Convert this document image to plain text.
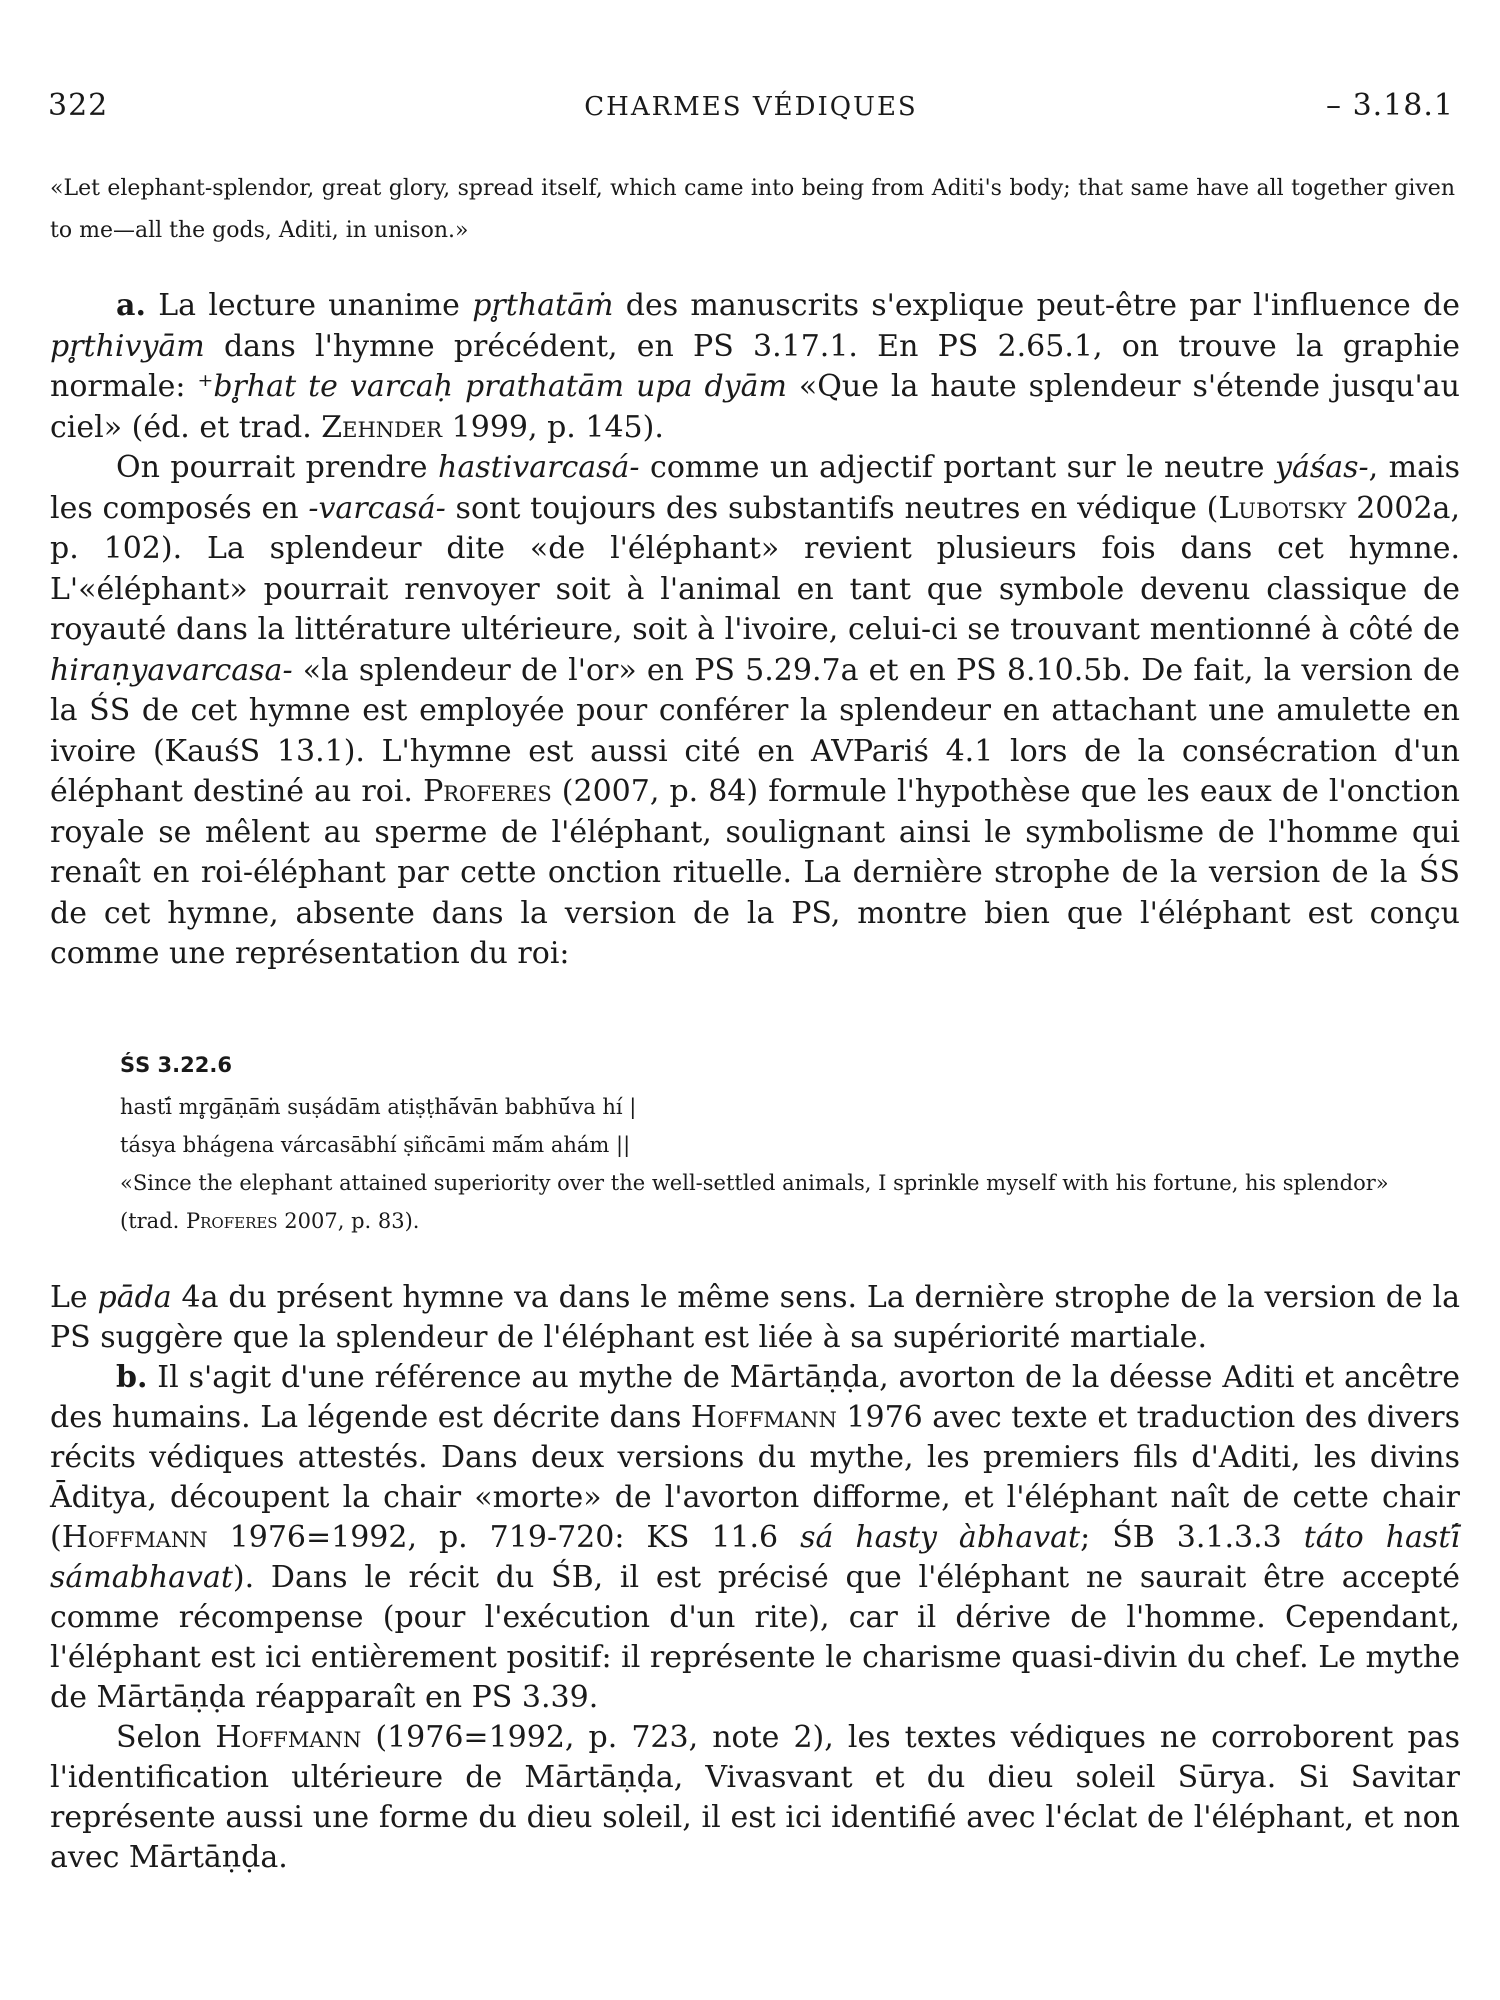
322	CHARMES VÉDIQUES	– 3.18.1
«Let elephant-splendor, great glory, spread itself, which came into being from Aditi's body; that same have all together given to me—all the gods, Aditi, in unison.»

a. La lecture unanime pr̥thatāṁ des manuscrits s'explique peut-être par l'influence de pr̥thivyām dans l'hymne précédent, en PS 3.17.1. En PS 2.65.1, on trouve la graphie normale: ⁺br̥hat te varcaḥ prathatām upa dyām «Que la haute splendeur s'étende jusqu'au ciel» (éd. et trad. Zehnder 1999, p. 145).

On pourrait prendre hastivarcasá- comme un adjectif portant sur le neutre yáśas-, mais les composés en -varcasá- sont toujours des substantifs neutres en védique (Lubotsky 2002a, p. 102). La splendeur dite «de l'éléphant» revient plusieurs fois dans cet hymne. L'«éléphant» pourrait renvoyer soit à l'animal en tant que symbole devenu classique de royauté dans la littérature ultérieure, soit à l'ivoire, celui-ci se trouvant mentionné à côté de hiraṇyavarcasa- «la splendeur de l'or» en PS 5.29.7a et en PS 8.10.5b. De fait, la version de la ŚS de cet hymne est employée pour conférer la splendeur en attachant une amulette en ivoire (KauśS 13.1). L'hymne est aussi cité en AVPariś 4.1 lors de la consécration d'un éléphant destiné au roi. Proferes (2007, p. 84) formule l'hypothèse que les eaux de l'onction royale se mêlent au sperme de l'éléphant, soulignant ainsi le symbolisme de l'homme qui renaît en roi-éléphant par cette onction rituelle. La dernière strophe de la version de la ŚS de cet hymne, absente dans la version de la PS, montre bien que l'éléphant est conçu comme une représentation du roi:

ŚS 3.22.6
hastī́ mr̥gā̄ṇā̄ṁ suṣádām atiṣṭhā́vān babhū́va hí |
tásya bhágena várcasābhí ṣiñcāmi mā́m ahám ||
«Since the elephant attained superiority over the well-settled animals, I sprinkle myself with his fortune, his splendor» (trad. Proferes 2007, p. 83).

Le pāda 4a du présent hymne va dans le même sens. La dernière strophe de la version de la PS suggère que la splendeur de l'éléphant est liée à sa supériorité martiale.

b. Il s'agit d'une référence au mythe de Mārtāṇḍa, avorton de la déesse Aditi et ancêtre des humains. La légende est décrite dans Hoffmann 1976 avec texte et traduction des divers récits védiques attestés. Dans deux versions du mythe, les premiers fils d'Aditi, les divins Āditya, découpent la chair «morte» de l'avorton difforme, et l'éléphant naît de cette chair (Hoffmann 1976=1992, p. 719-720: KS 11.6 sá hasty àbhavat; ŚB 3.1.3.3 táto hastī́ sámabhavat). Dans le récit du ŚB, il est précisé que l'éléphant ne saurait être accepté comme récompense (pour l'exécution d'un rite), car il dérive de l'homme. Cependant, l'éléphant est ici entièrement positif: il représente le charisme quasi-divin du chef. Le mythe de Mārtāṇḍa réapparaît en PS 3.39.

Selon Hoffmann (1976=1992, p. 723, note 2), les textes védiques ne corroborent pas l'identification ultérieure de Mārtāṇḍa, Vivasvant et du dieu soleil Sūrya. Si Savitar représente aussi une forme du dieu soleil, il est ici identifié avec l'éclat de l'éléphant, et non avec Mārtāṇḍa.
